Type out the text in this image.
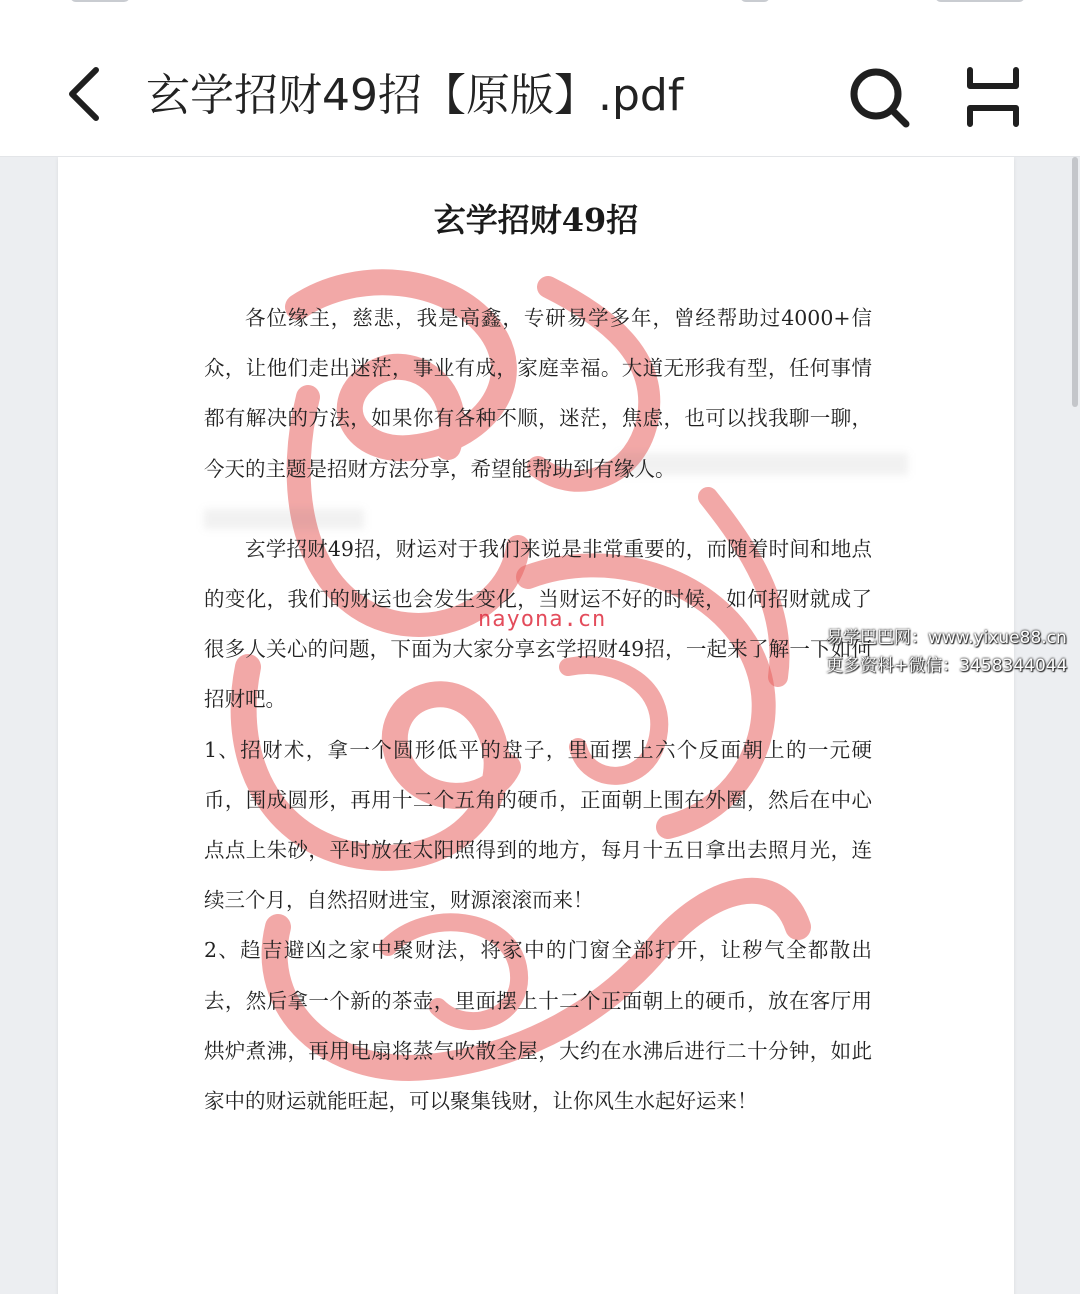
玄学招财49招【原版】.pdf
玄学招财49招

各位缘主，慈悲，我是高鑫，专研易学多年，曾经帮助过4000+信众，让他们走出迷茫，事业有成，家庭幸福。大道无形我有型，任何事情都有解决的方法，如果你有各种不顺，迷茫，焦虑，也可以找我聊一聊，今天的主题是招财方法分享，希望能帮助到有缘人。

玄学招财49招，财运对于我们来说是非常重要的，而随着时间和地点的变化，我们的财运也会发生变化，当财运不好的时候，如何招财就成了很多人关心的问题，下面为大家分享玄学招财49招，一起来了解一下如何招财吧。

1、招财术，拿一个圆形低平的盘子，里面摆上六个反面朝上的一元硬币，围成圆形，再用十二个五角的硬币，正面朝上围在外圈，然后在中心点点上朱砂，平时放在太阳照得到的地方，每月十五日拿出去照月光，连续三个月，自然招财进宝，财源滚滚而来！

2、趋吉避凶之家中聚财法，将家中的门窗全部打开，让秽气全都散出去，然后拿一个新的茶壶，里面摆上十二个正面朝上的硬币，放在客厅用烘炉煮沸，再用电扇将蒸气吹散全屋，大约在水沸后进行二十分钟，如此家中的财运就能旺起，可以聚集钱财，让你风生水起好运来！

nayona.cn
易学巴巴网：www.yixue88.cn
更多资料+微信：3458344044
